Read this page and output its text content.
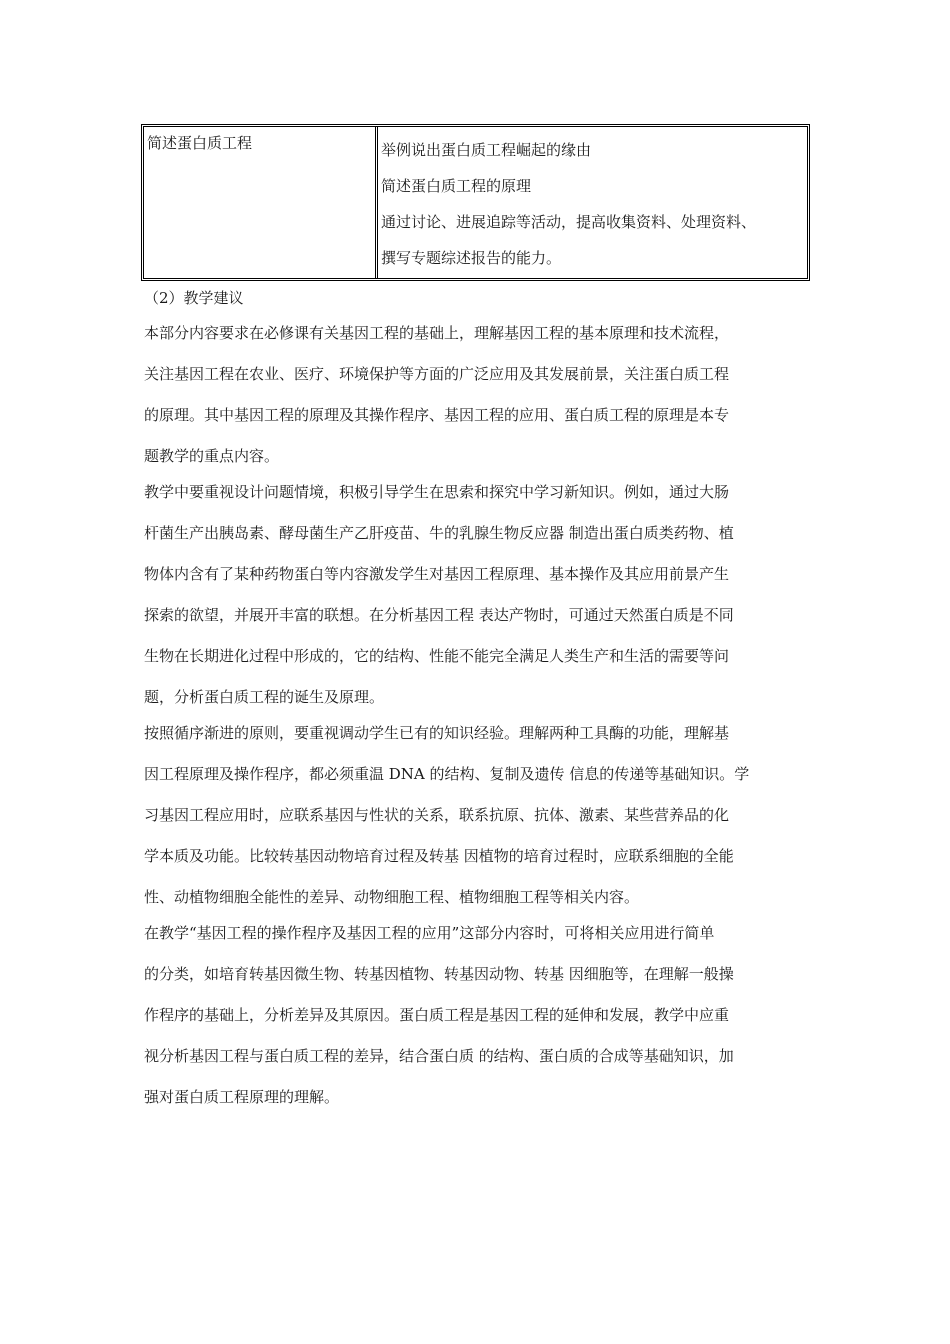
简述蛋白质工程	举例说出蛋白质工程崛起的缘由
简述蛋白质工程的原理
通过讨论、进展追踪等活动，提高收集资料、处理资料、
撰写专题综述报告的能力。
（2）教学建议
本部分内容要求在必修课有关基因工程的基础上，理解基因工程的基本原理和技术流程，
关注基因工程在农业、医疗、环境保护等方面的广泛应用及其发展前景，关注蛋白质工程
的原理。其中基因工程的原理及其操作程序、基因工程的应用、蛋白质工程的原理是本专
题教学的重点内容。
教学中要重视设计问题情境，积极引导学生在思索和探究中学习新知识。例如，通过大肠
杆菌生产出胰岛素、酵母菌生产乙肝疫苗、牛的乳腺生物反应器 制造出蛋白质类药物、植
物体内含有了某种药物蛋白等内容激发学生对基因工程原理、基本操作及其应用前景产生
探索的欲望，并展开丰富的联想。在分析基因工程 表达产物时，可通过天然蛋白质是不同
生物在长期进化过程中形成的，它的结构、性能不能完全满足人类生产和生活的需要等问
题，分析蛋白质工程的诞生及原理。
按照循序渐进的原则，要重视调动学生已有的知识经验。理解两种工具酶的功能，理解基
因工程原理及操作程序，都必须重温 DNA 的结构、复制及遗传 信息的传递等基础知识。学
习基因工程应用时，应联系基因与性状的关系，联系抗原、抗体、激素、某些营养品的化
学本质及功能。比较转基因动物培育过程及转基 因植物的培育过程时，应联系细胞的全能
性、动植物细胞全能性的差异、动物细胞工程、植物细胞工程等相关内容。
在教学“基因工程的操作程序及基因工程的应用”这部分内容时，可将相关应用进行简单
的分类，如培育转基因微生物、转基因植物、转基因动物、转基 因细胞等，在理解一般操
作程序的基础上，分析差异及其原因。蛋白质工程是基因工程的延伸和发展，教学中应重
视分析基因工程与蛋白质工程的差异，结合蛋白质 的结构、蛋白质的合成等基础知识，加
强对蛋白质工程原理的理解。
